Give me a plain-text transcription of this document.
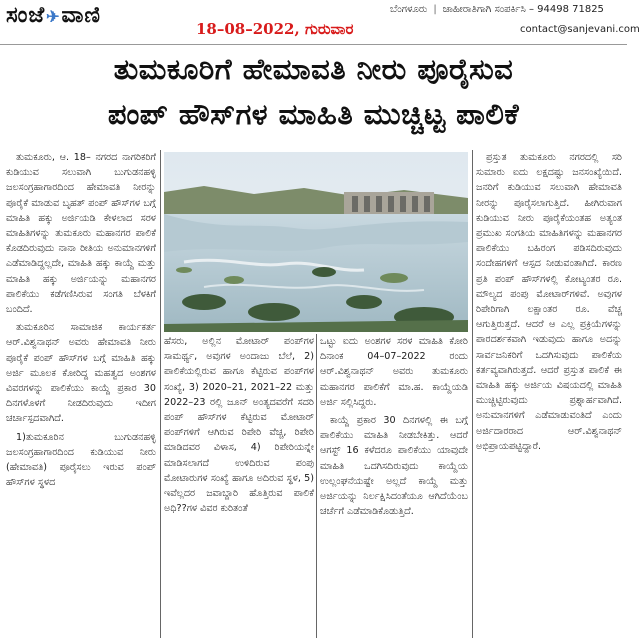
ಸಂಜೆ✈ವಾಣಿ
18–08–2022, ಗುರುವಾರ
ಬೆಂಗಳೂರು | ಜಾಹೀರಾತಿಗಾಗಿ ಸಂಪರ್ಕಿಸಿ – 94498 71825
contact@sanjevani.com
ತುಮಕೂರಿಗೆ ಹೇಮಾವತಿ ನೀರು ಪೂರೈಸುವ
ಪಂಪ್ ಹೌಸ್‌ಗಳ ಮಾಹಿತಿ ಮುಚ್ಚಿಟ್ಟ ಪಾಲಿಕೆ

ತುಮಕೂರು, ಆ. 18– ನಗರದ ನಾಗರಿಕರಿಗೆ ಕುಡಿಯುವ ಸಲುವಾಗಿ ಬುಗುಡನಹಳ್ಳಿ ಜಲಸಂಗ್ರಹಾಗಾರದಿಂದ ಹೇಮಾವತಿ ನೀರನ್ನು ಪೂರೈಕೆ ಮಾಡುವ ಬೃಹತ್ ಪಂಪ್ ಹೌಸ್‌ಗಳ ಬಗ್ಗೆ ಮಾಹಿತಿ ಹಕ್ಕು ಅರ್ಜಿಯಡಿ ಕೇಳಲಾದ ಸರಳ ಮಾಹಿತಿಗಳನ್ನು ತುಮಕೂರು ಮಹಾನಗರ ಪಾಲಿಕೆ ಕೊಡದಿರುವುದು ನಾನಾ ರೀತಿಯ ಅನುಮಾನಗಳಿಗೆ ಎಡೆಮಾಡಿದ್ದಲ್ಲದೇ, ಮಾಹಿತಿ ಹಕ್ಕು ಕಾಯ್ದೆ ಮತ್ತು ಮಾಹಿತಿ ಹಕ್ಕು ಅರ್ಜಿಯನ್ನು ಮಹಾನಗರ ಪಾಲಿಕೆಯು ಕಡೆಗಣಿಸಿರುವ ಸಂಗತಿ ಬೆಳಕಿಗೆ ಬಂದಿದೆ.

ತುಮಕೂರಿನ ಸಾಮಾಜಿಕ ಕಾರ್ಯಕರ್ತ ಆರ್.ವಿಶ್ವನಾಥನ್ ಅವರು ಹೇಮಾವತಿ ನೀರು ಪೂರೈಕೆ ಪಂಪ್ ಹೌಸ್‌ಗಳ ಬಗ್ಗೆ ಮಾಹಿತಿ ಹಕ್ಕು ಅರ್ಜಿ ಮೂಲಕ ಕೋರಿದ್ದ ಮಹತ್ವದ ಅಂಶಗಳ ವಿವರಗಳನ್ನು ಪಾಲಿಕೆಯು ಕಾಯ್ದೆ ಪ್ರಕಾರ 30 ದಿನಗಳೊಳಗೆ ನೀಡದಿರುವುದು ಇದೀಗ ಚರ್ಚಾಸ್ಪದವಾಗಿದೆ.

1)ತುಮಕೂರಿನ ಬುಗುಡನಹಳ್ಳಿ ಜಲಸಂಗ್ರಹಾಗಾರದಿಂದ ಕುಡಿಯುವ ನೀರು (ಹೇಮಾವತಿ) ಪೂರೈಸಲು ಇರುವ ಪಂಪ್ ಹೌಸ್‌ಗಳ ಸ್ಥಳದ

ಹೆಸರು, ಅಲ್ಲಿನ ಮೋಟಾರ್ ಪಂಪ್‌ಗಳ ಸಾಮರ್ಥ್ಯ, ಅವುಗಳ ಅಂದಾಜು ಬೆಲೆ, 2) ಪಾಲಿಕೆಯಲ್ಲಿರುವ ಹಾಗೂ ಕೆಟ್ಟಿರುವ ಪಂಪ್‌ಗಳ ಸಂಖ್ಯೆ, 3) 2020–21, 2021–22 ಮತ್ತು 2022–23 ರಲ್ಲಿ ಜೂನ್ ಅಂತ್ಯದವರೆಗೆ ಸದರಿ ಪಂಪ್ ಹೌಸ್‌ಗಳ ಕೆಟ್ಟಿರುವ ಮೋಟಾರ್ ಪಂಪ್‌ಗಳಿಗೆ ಆಗಿರುವ ರಿಪೇರಿ ವೆಚ್ಚ, ರಿಪೇರಿ ಮಾಡಿದವರ ವಿಳಾಸ, 4) ರಿಪೇರಿಯನ್ನೇ ಮಾಡಿಸಲಾಗದೆ ಉಳಿದಿರುವ ಪಂಪು ಮೋಟಾರುಗಳ ಸಂಖ್ಯೆ ಹಾಗೂ ಅದಿರುವ ಸ್ಥಳ, 5) ಇವೆಲ್ಲದರ ಜವಾಬ್ದಾರಿ ಹೊತ್ತಿರುವ ಪಾಲಿಕೆ ಅಧಿ??ಗಳ ವಿವರ ಕುರಿತಂತೆ

ಒಟ್ಟು ಐದು ಅಂಶಗಳ ಸರಳ ಮಾಹಿತಿ ಕೋರಿ ದಿನಾಂಕ 04–07–2022 ರಂದು ಆರ್.ವಿಶ್ವನಾಥನ್ ಅವರು ತುಮಕೂರು ಮಹಾನಗರ ಪಾಲಿಕೆಗೆ ಮಾ.ಹ. ಕಾಯ್ದೆಯಡಿ ಅರ್ಜಿ ಸಲ್ಲಿಸಿದ್ದರು.

ಕಾಯ್ದೆ ಪ್ರಕಾರ 30 ದಿನಗಳಲ್ಲಿ ಈ ಬಗ್ಗೆ ಪಾಲಿಕೆಯು ಮಾಹಿತಿ ನೀಡಬೇಕಿತ್ತು. ಆದರೆ ಆಗಸ್ಟ್ 16 ಕಳೆದರೂ ಪಾಲಿಕೆಯು ಯಾವುದೇ ಮಾಹಿತಿ ಒದಗಿಸದಿರುವುದು ಕಾಯ್ದೆಯ ಉಲ್ಲಂಘನೆಯಷ್ಟೇ ಅಲ್ಲದೆ ಕಾಯ್ದೆ ಮತ್ತು ಅರ್ಜಿಯನ್ನು ನಿರ್ಲಕ್ಷಿಸಿದಂತೆಯೂ ಆಗಿದೆಯೆಂಬ ಚರ್ಚೆಗೆ ಎಡೆಮಾಡಿಕೊಡುತ್ತಿದೆ.

ಪ್ರಸ್ತುತ ತುಮಕೂರು ನಗರದಲ್ಲಿ ಸರಿ ಸುಮಾರು ಐದು ಲಕ್ಷದಷ್ಟು ಜನಸಂಖ್ಯೆಯಿದೆ. ಜನರಿಗೆ ಕುಡಿಯುವ ಸಲುವಾಗಿ ಹೇಮಾವತಿ ನೀರನ್ನು ಪೂರೈಸಲಾಗುತ್ತಿದೆ. ಹೀಗಿರುವಾಗ ಕುಡಿಯುವ ನೀರು ಪೂರೈಕೆಯಂತಹ ಅತ್ಯಂತ ಪ್ರಮುಖ ಸಂಗತಿಯ ಮಾಹಿತಿಗಳನ್ನು ಮಹಾನಗರ ಪಾಲಿಕೆಯು ಬಹಿರಂಗ ಪಡಿಸದಿರುವುದು ಸಂದೇಹಗಳಿಗೆ ಆಸ್ಪದ ನೀಡುವಂತಾಗಿದೆ. ಕಾರಣ ಪ್ರತಿ ಪಂಪ್ ಹೌಸ್‌ಗಳಲ್ಲಿ ಕೋಟ್ಯಂತರ ರೂ. ಮೌಲ್ಯದ ಪಂಪು ಮೋಟಾರ್‌ಗಳಿವೆ. ಅವುಗಳ ರಿಪೇರಿಗಾಗಿ ಲಕ್ಷಾಂತರ ರೂ. ವೆಚ್ಚ ಆಗುತ್ತಿರುತ್ತದೆ. ಆದರೆ ಆ ಎಲ್ಲ ಪ್ರಕ್ರಿಯೆಗಳನ್ನು ಪಾರದರ್ಶಕವಾಗಿ ಇಡುವುದು ಹಾಗೂ ಅದನ್ನು ಸಾರ್ವಜನಿಕರಿಗೆ ಒದಗಿಸುವುದು ಪಾಲಿಕೆಯ ಕರ್ತವ್ಯವಾಗಿರುತ್ತದೆ. ಆದರೆ ಪ್ರಸ್ತುತ ಪಾಲಿಕೆ ಈ ಮಾಹಿತಿ ಹಕ್ಕು ಅರ್ಜಿಯ ವಿಷಯದಲ್ಲಿ ಮಾಹಿತಿ ಮುಚ್ಚಿಟ್ಟಿರುವುದು ಪ್ರಶ್ನಾರ್ಹವಾಗಿದೆ. ಅನುಮಾನಗಳಿಗೆ ಎಡೆಮಾಡುವಂತಿದೆ ಎಂದು ಅರ್ಜಿದಾರರಾದ ಆರ್.ವಿಶ್ವನಾಥನ್ ಅಭಿಪ್ರಾಯಪಟ್ಟಿದ್ದಾರೆ.
